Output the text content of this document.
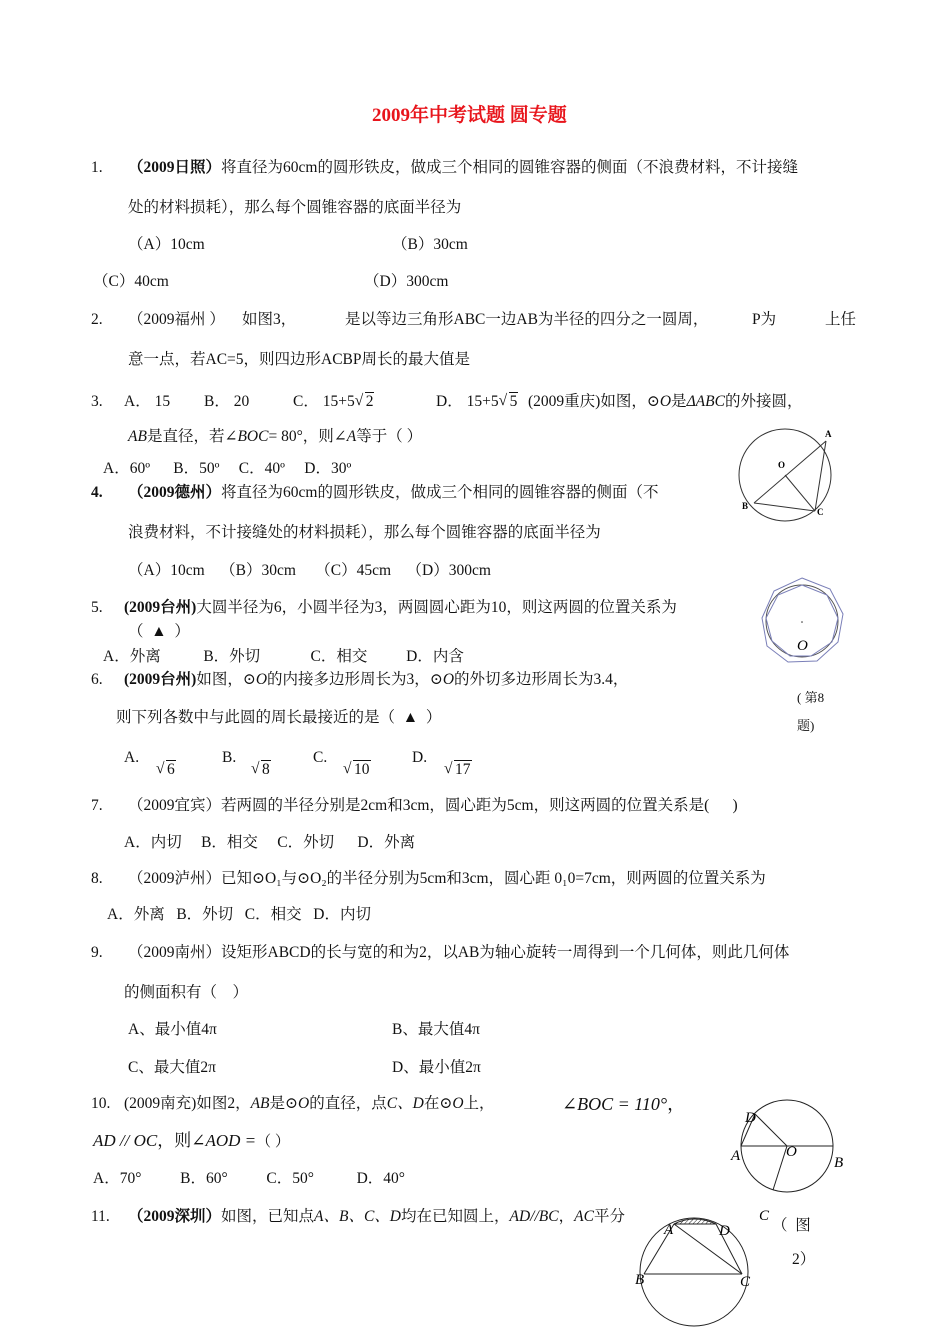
2009年中考试题 圆专题
1. （2009日照）将直径为60cm的圆形铁皮，做成三个相同的圆锥容器的侧面（不浪费材料，不计接缝
处的材料损耗），那么每个圆锥容器的底面半径为
（A）10cm	（B）30cm
（C）40cm	（D）300cm
2. （2009福州 ） 如图3，	是以等边三角形ABC一边AB为半径的四分之一圆周，	P为	上任
意一点，若AC=5，则四边形ACBP周长的最大值是
3. A． 15 B． 20	C． 15+5 √ 2	D． 15+5 √ 5 (2009重庆)如图，⊙O是ΔABC的外接圆，
AB是直径，若∠BOC= 80°，则∠A等于（ ）
A．60º      B．50º     C．40º     D．30º
A
O
B
C
4. （2009德州）将直径为60cm的圆形铁皮，做成三个相同的圆锥容器的侧面（不
浪费材料，不计接缝处的材料损耗），那么每个圆锥容器的底面半径为
（A）10cm    （B）30cm     （C）45cm    （D）300cm
5. (2009台州)大圆半径为6，小圆半径为3，两圆圆心距为10，则这两圆的位置关系为
（  ▲  ）
A．外离           B．外切             C．相交          D．内含
O
( 第8
题)
6. (2009台州)如图，⊙O的内接多边形周长为3，⊙O的外切多边形周长为3.4，
则下列各数中与此圆的周长最接近的是（  ▲  ）
A.
√ 6
B.
√ 8
C.
√ 10
D.
√ 17
7. （2009宜宾）若两圆的半径分别是2cm和3cm，圆心距为5cm，则这两圆的位置关系是(      )
A．内切     B．相交     C．外切      D．外离
8. （2009泸州）已知⊙O₁与⊙O₂的半径分别为5cm和3cm，圆心距 0₁0=7cm，则两圆的位置关系为
A．外离   B．外切   C．相交   D．内切
9. （2009南州）设矩形ABCD的长与宽的和为2，以AB为轴心旋转一周得到一个几何体，则此几何体
的侧面积有（    ）
A、最小值4π	B、最大值4π
C、最大值2π	D、最小值2π
10. (2009南充)如图2，AB是⊙O的直径，点C、D在⊙O上，	∠BOC = 110°，
AD // OC，则∠AOD =（ ）
A．70°          B．60°          C．50°           D．40°
D
A	O
B
C
（  图
2）
11. （2009深圳）如图，已知点A、B、C、D均在已知圆上，AD//BC，AC平分
A	D
B	C
